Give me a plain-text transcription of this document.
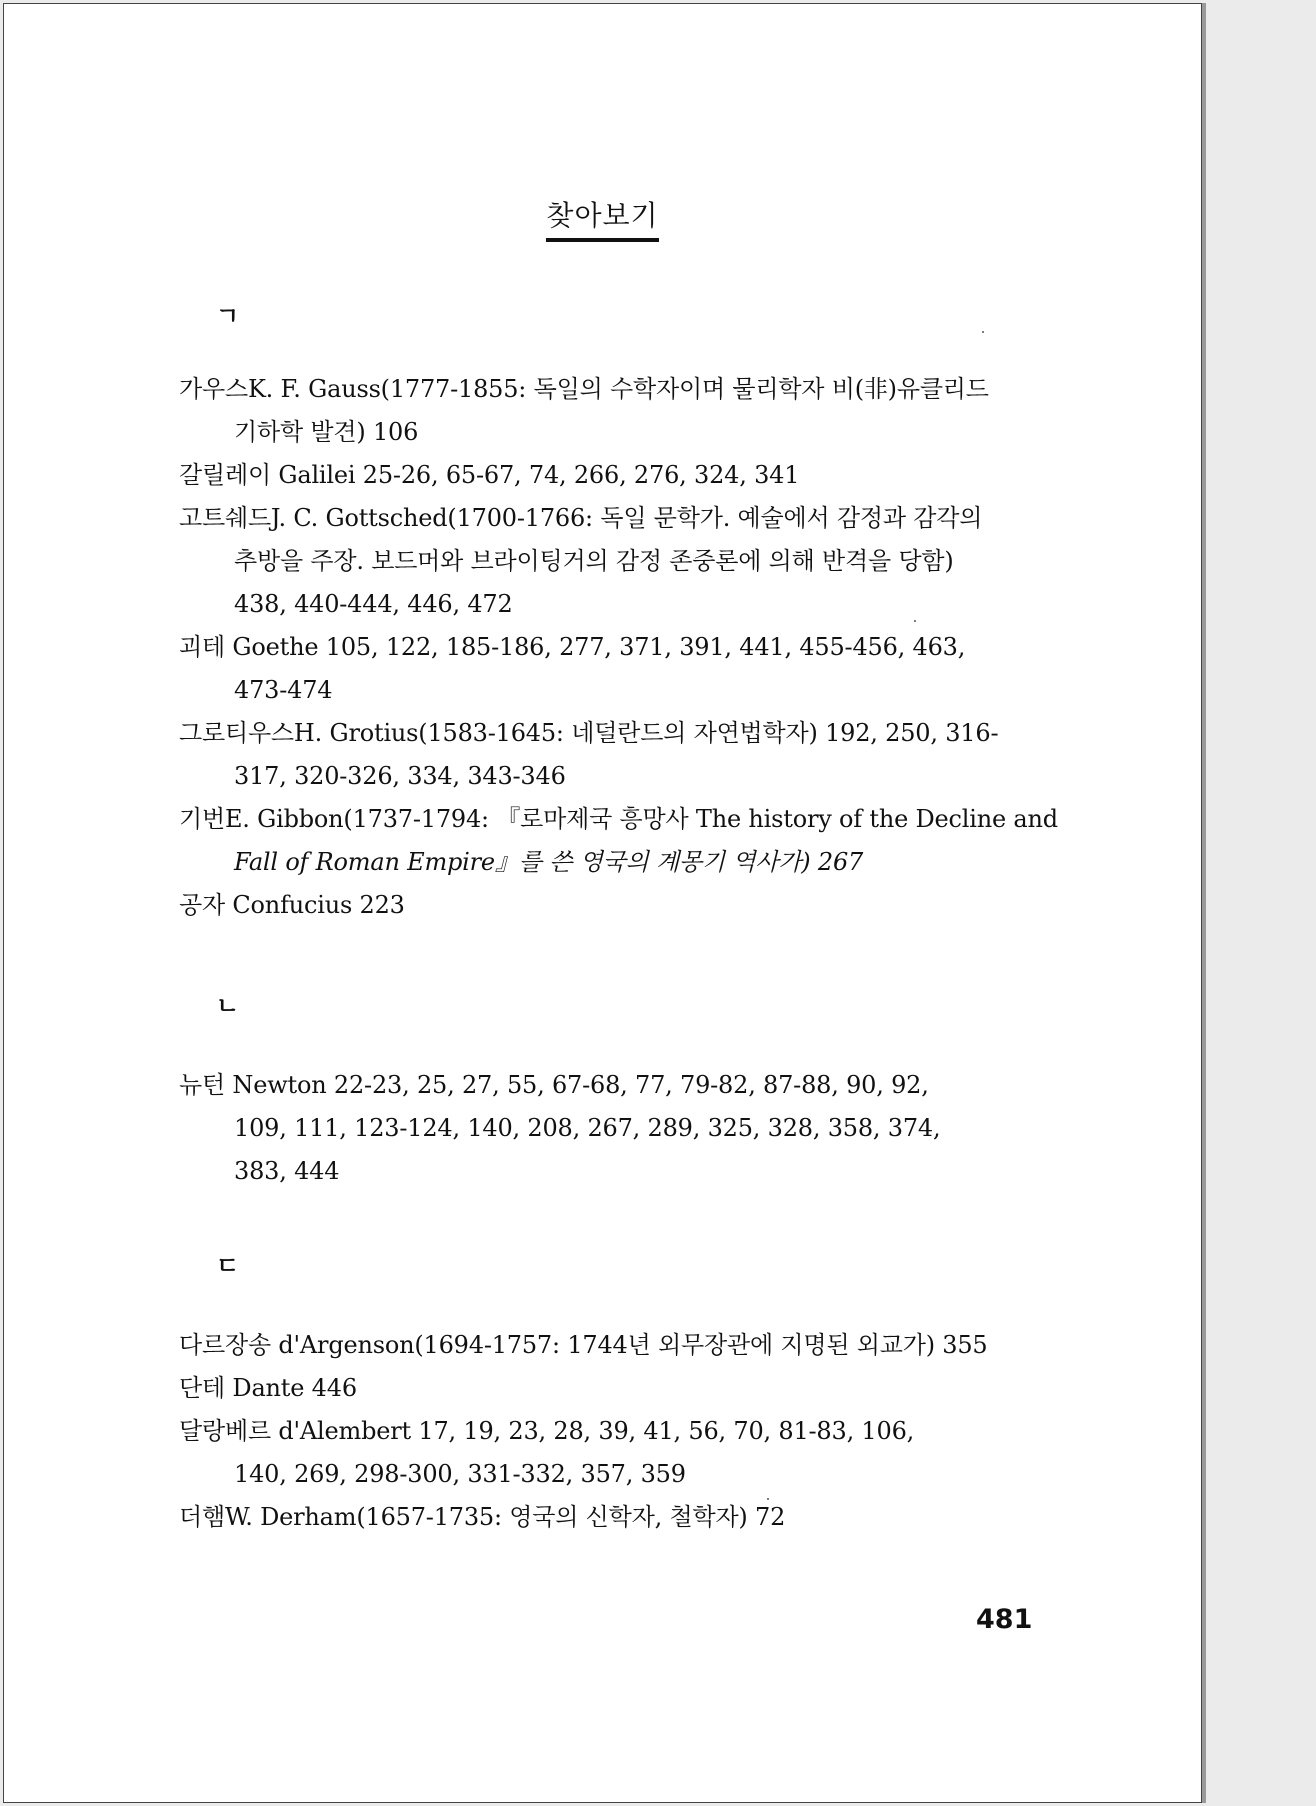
찾아보기
ㄱ
가우스K. F. Gauss(1777-1855: 독일의 수학자이며 물리학자 비(非)유클리드
기하학 발견) 106
갈릴레이 Galilei 25-26, 65-67, 74, 266, 276, 324, 341
고트쉐드J. C. Gottsched(1700-1766: 독일 문학가. 예술에서 감정과 감각의
추방을 주장. 보드머와 브라이팅거의 감정 존중론에 의해 반격을 당함)
438, 440-444, 446, 472
괴테 Goethe 105, 122, 185-186, 277, 371, 391, 441, 455-456, 463,
473-474
그로티우스H. Grotius(1583-1645: 네덜란드의 자연법학자) 192, 250, 316-
317, 320-326, 334, 343-346
기번E. Gibbon(1737-1794: 『로마제국 흥망사 The history of the Decline and
Fall of Roman Empire』를 쓴 영국의 계몽기 역사가) 267
공자 Confucius 223
ㄴ
뉴턴 Newton 22-23, 25, 27, 55, 67-68, 77, 79-82, 87-88, 90, 92,
109, 111, 123-124, 140, 208, 267, 289, 325, 328, 358, 374,
383, 444
ㄷ
다르장송 d'Argenson(1694-1757: 1744년 외무장관에 지명된 외교가) 355
단테 Dante 446
달랑베르 d'Alembert 17, 19, 23, 28, 39, 41, 56, 70, 81-83, 106,
140, 269, 298-300, 331-332, 357, 359
더햄W. Derham(1657-1735: 영국의 신학자, 철학자) 72
481
